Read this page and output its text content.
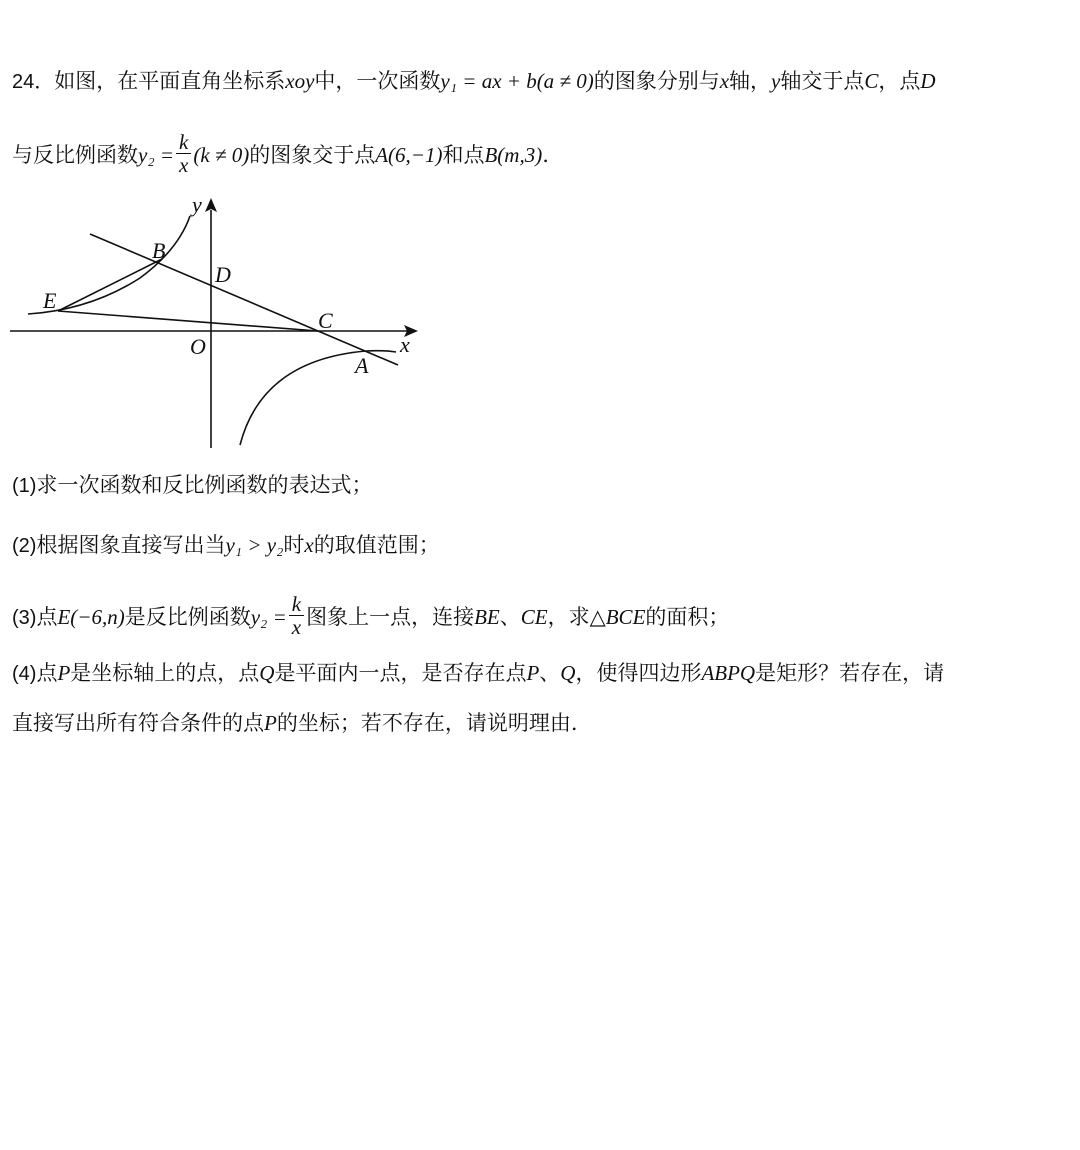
24．如图，在平面直角坐标系xoy中，一次函数y₁ = ax + b(a ≠ 0)的图象分别与x轴，y轴交于点C，点D
与反比例函数$y_2 = \frac{k}{x} (k \ne 0)$的图象交于点A(6,−1)和点B(m,3).
y
x
O
B
D
E
C
A
(1)求一次函数和反比例函数的表达式；
(2)根据图象直接写出当y₁ > y₂时x的取值范围；
(3)点E(−6,n)是反比例函数$y_2 = \frac{k}{x}$ 图象上一点，连接BE、CE，求△BCE的面积；
(4)点P是坐标轴上的点，点Q是平面内一点，是否存在点P、Q，使得四边形ABPQ是矩形？若存在，请
直接写出所有符合条件的点P的坐标；若不存在，请说明理由.
